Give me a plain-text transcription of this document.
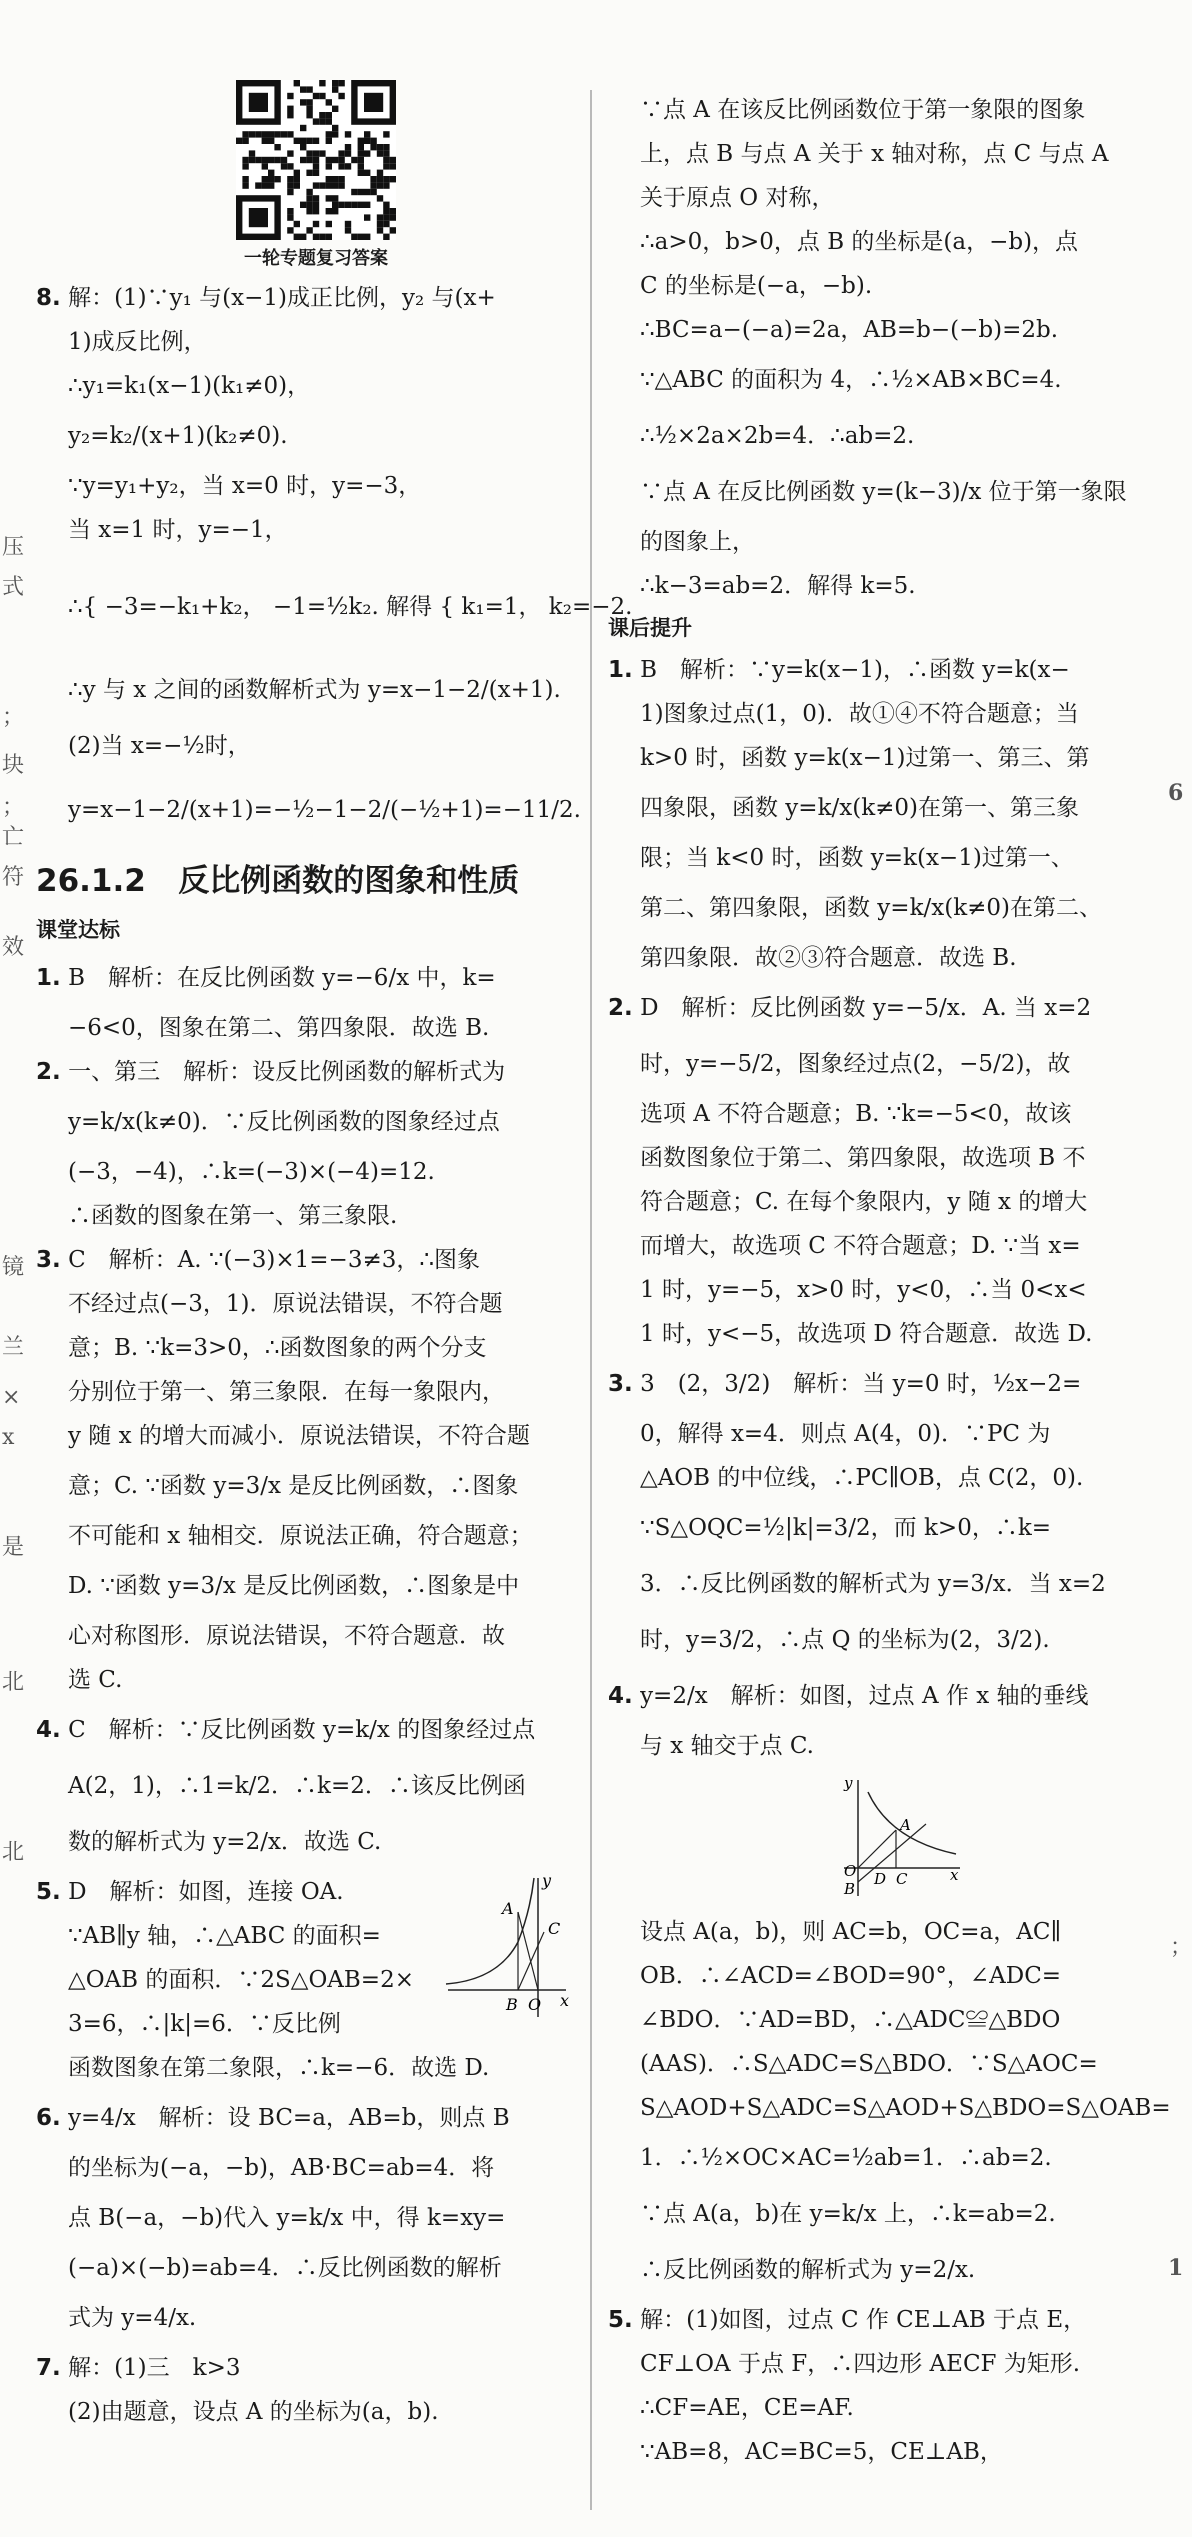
压
式
；
块
；
亡
符
效
镜
兰
×
x
是
北
北
6
1
；
一轮专题复习答案
8. 解：(1)∵y₁ 与(x−1)成正比例，y₂ 与(x+
1)成反比例，
∴y₁=k₁(x−1)(k₁≠0)，
y₂=k₂/(x+1)(k₂≠0).
∵y=y₁+y₂，当 x=0 时，y=−3，
当 x=1 时，y=−1，
∴{ −3=−k₁+k₂， −1=½k₂. 解得 { k₁=1， k₂=−2.
∴y 与 x 之间的函数解析式为 y=x−1−2/(x+1).
(2)当 x=−½时，
y=x−1−2/(x+1)=−½−1−2/(−½+1)=−11/2.
26.1.2 反比例函数的图象和性质
课堂达标
1. B　解析：在反比例函数 y=−6/x 中，k=
−6<0，图象在第二、第四象限．故选 B.
2. 一、第三　解析：设反比例函数的解析式为
y=k/x(k≠0)．∵反比例函数的图象经过点
(−3，−4)，∴k=(−3)×(−4)=12.
∴函数的图象在第一、第三象限.
3. C　解析：A. ∵(−3)×1=−3≠3，∴图象
不经过点(−3，1)．原说法错误，不符合题
意；B. ∵k=3>0，∴函数图象的两个分支
分别位于第一、第三象限．在每一象限内，
y 随 x 的增大而减小．原说法错误，不符合题
意；C. ∵函数 y=3/x 是反比例函数，∴图象
不可能和 x 轴相交．原说法正确，符合题意；
D. ∵函数 y=3/x 是反比例函数，∴图象是中
心对称图形．原说法错误，不符合题意．故
选 C.
4. C　解析：∵反比例函数 y=k/x 的图象经过点
A(2，1)，∴1=k/2．∴k=2．∴该反比例函
数的解析式为 y=2/x．故选 C.
5. D　解析：如图，连接 OA.
∵AB∥y 轴，∴△ABC 的面积=
△OAB 的面积．∵2S△OAB=2×
3=6，∴|k|=6．∵反比例
函数图象在第二象限，∴k=−6．故选 D.
y
C
A
B O x
6. y=4/x　解析：设 BC=a，AB=b，则点 B
的坐标为(−a，−b)，AB·BC=ab=4．将
点 B(−a，−b)代入 y=k/x 中，得 k=xy=
(−a)×(−b)=ab=4．∴反比例函数的解析
式为 y=4/x.
7. 解：(1)三　k>3
(2)由题意，设点 A 的坐标为(a，b).
∵点 A 在该反比例函数位于第一象限的图象
上，点 B 与点 A 关于 x 轴对称，点 C 与点 A
关于原点 O 对称，
∴a>0，b>0，点 B 的坐标是(a，−b)，点
C 的坐标是(−a，−b).
∴BC=a−(−a)=2a，AB=b−(−b)=2b.
∵△ABC 的面积为 4，∴½×AB×BC=4.
∴½×2a×2b=4．∴ab=2.
∵点 A 在反比例函数 y=(k−3)/x 位于第一象限
的图象上，
∴k−3=ab=2．解得 k=5.
课后提升
1. B　解析：∵y=k(x−1)，∴函数 y=k(x−
1)图象过点(1，0)．故①④不符合题意；当
k>0 时，函数 y=k(x−1)过第一、第三、第
四象限，函数 y=k/x(k≠0)在第一、第三象
限；当 k<0 时，函数 y=k(x−1)过第一、
第二、第四象限，函数 y=k/x(k≠0)在第二、
第四象限．故②③符合题意．故选 B.
2. D　解析：反比例函数 y=−5/x．A. 当 x=2
时，y=−5/2，图象经过点(2，−5/2)，故
选项 A 不符合题意；B. ∵k=−5<0，故该
函数图象位于第二、第四象限，故选项 B 不
符合题意；C. 在每个象限内，y 随 x 的增大
而增大，故选项 C 不符合题意；D. ∵当 x=
1 时，y=−5，x>0 时，y<0，∴当 0<x<
1 时，y<−5，故选项 D 符合题意．故选 D.
3. 3　(2，3/2)　解析：当 y=0 时，½x−2=
0，解得 x=4．则点 A(4，0)．∵PC 为
△AOB 的中位线，∴PC∥OB，点 C(2，0).
∵S△OQC=½|k|=3/2，而 k>0，∴k=
3．∴反比例函数的解析式为 y=3/x．当 x=2
时，y=3/2，∴点 Q 的坐标为(2，3/2).
4. y=2/x　解析：如图，过点 A 作 x 轴的垂线
与 x 轴交于点 C.
y
A
B
O D C	x
设点 A(a，b)，则 AC=b，OC=a，AC∥
OB．∴∠ACD=∠BOD=90°，∠ADC=
∠BDO．∵AD=BD，∴△ADC≌△BDO
(AAS)．∴S△ADC=S△BDO．∵S△AOC=
S△AOD+S△ADC=S△AOD+S△BDO=S△OAB=
1．∴½×OC×AC=½ab=1．∴ab=2.
∵点 A(a，b)在 y=k/x 上，∴k=ab=2.
∴反比例函数的解析式为 y=2/x.
5. 解：(1)如图，过点 C 作 CE⊥AB 于点 E，
CF⊥OA 于点 F，∴四边形 AECF 为矩形.
∴CF=AE，CE=AF.
∵AB=8，AC=BC=5，CE⊥AB，
